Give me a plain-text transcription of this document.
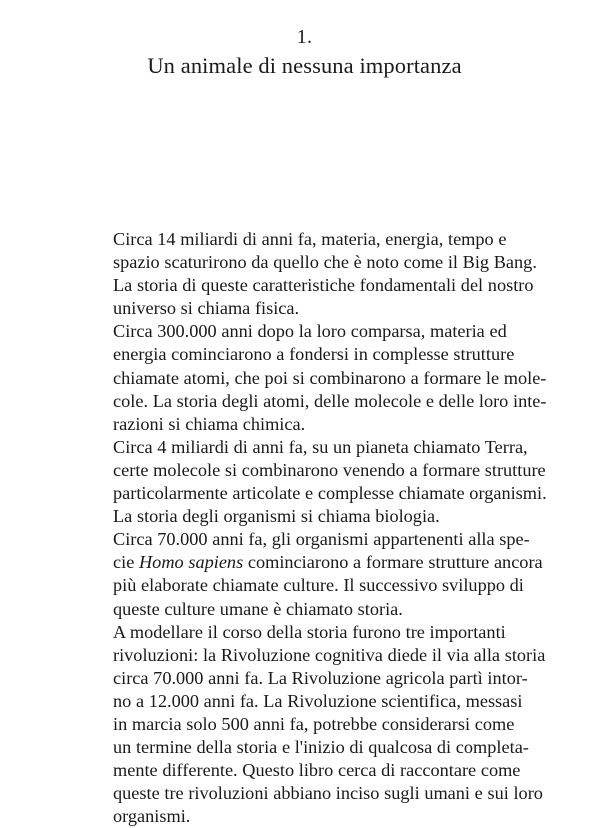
1.
Un animale di nessuna importanza

Circa 14 miliardi di anni fa, materia, energia, tempo e
spazio scaturirono da quello che è noto come il Big Bang.
La storia di queste caratteristiche fondamentali del nostro
universo si chiama fisica.

Circa 300.000 anni dopo la loro comparsa, materia ed
energia cominciarono a fondersi in complesse strutture
chiamate atomi, che poi si combinarono a formare le mole-
cole. La storia degli atomi, delle molecole e delle loro inte-
razioni si chiama chimica.

Circa 4 miliardi di anni fa, su un pianeta chiamato Terra,
certe molecole si combinarono venendo a formare strutture
particolarmente articolate e complesse chiamate organismi.
La storia degli organismi si chiama biologia.

Circa 70.000 anni fa, gli organismi appartenenti alla spe-
cie Homo sapiens cominciarono a formare strutture ancora
più elaborate chiamate culture. Il successivo sviluppo di
queste culture umane è chiamato storia.

A modellare il corso della storia furono tre importanti
rivoluzioni: la Rivoluzione cognitiva diede il via alla storia
circa 70.000 anni fa. La Rivoluzione agricola partì intor-
no a 12.000 anni fa. La Rivoluzione scientifica, messasi
in marcia solo 500 anni fa, potrebbe considerarsi come
un termine della storia e l'inizio di qualcosa di completa-
mente differente. Questo libro cerca di raccontare come
queste tre rivoluzioni abbiano inciso sugli umani e sui loro
organismi.
